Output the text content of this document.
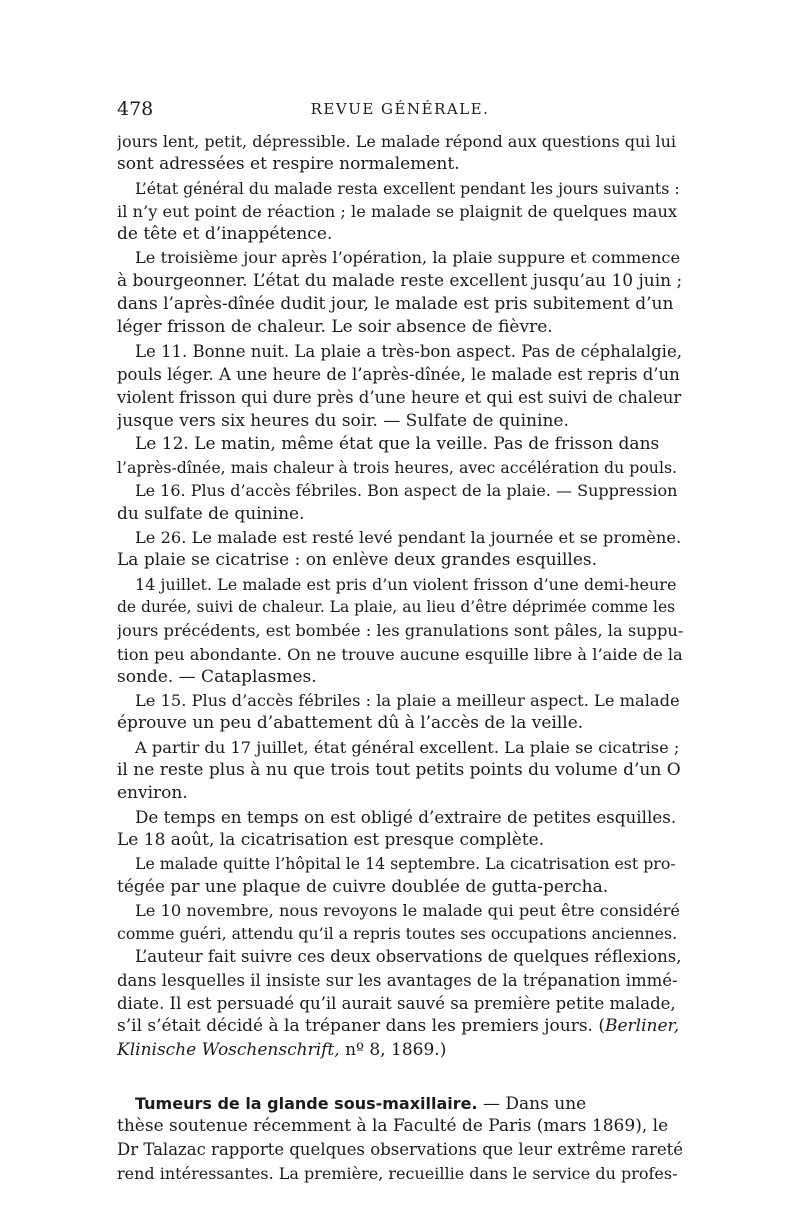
478	REVUE GÉNÉRALE.
jours lent, petit, dépressible. Le malade répond aux questions qui lui
sont adressées et respire normalement.
L’état général du malade resta excellent pendant les jours suivants :
il n’y eut point de réaction ; le malade se plaignit de quelques maux
de tête et d’inappétence.
Le troisième jour après l’opération, la plaie suppure et commence
à bourgeonner. L’état du malade reste excellent jusqu’au 10 juin ;
dans l’après-dînée dudit jour, le malade est pris subitement d’un
léger frisson de chaleur. Le soir absence de fièvre.
Le 11. Bonne nuit. La plaie a très-bon aspect. Pas de céphalalgie,
pouls léger. A une heure de l’après-dînée, le malade est repris d’un
violent frisson qui dure près d’une heure et qui est suivi de chaleur
jusque vers six heures du soir. — Sulfate de quinine.
Le 12. Le matin, même état que la veille. Pas de frisson dans
l’après-dînée, mais chaleur à trois heures, avec accélération du pouls.
Le 16. Plus d’accès fébriles. Bon aspect de la plaie. — Suppression
du sulfate de quinine.
Le 26. Le malade est resté levé pendant la journée et se promène.
La plaie se cicatrise : on enlève deux grandes esquilles.
14 juillet. Le malade est pris d’un violent frisson d’une demi-heure
de durée, suivi de chaleur. La plaie, au lieu d’être déprimée comme les
jours précédents, est bombée : les granulations sont pâles, la suppu-
tion peu abondante. On ne trouve aucune esquille libre à l’aide de la
sonde. — Cataplasmes.
Le 15. Plus d’accès fébriles : la plaie a meilleur aspect. Le malade
éprouve un peu d’abattement dû à l’accès de la veille.
A partir du 17 juillet, état général excellent. La plaie se cicatrise ;
il ne reste plus à nu que trois tout petits points du volume d’un O
environ.
De temps en temps on est obligé d’extraire de petites esquilles.
Le 18 août, la cicatrisation est presque complète.
Le malade quitte l’hôpital le 14 septembre. La cicatrisation est pro-
tégée par une plaque de cuivre doublée de gutta-percha.
Le 10 novembre, nous revoyons le malade qui peut être considéré
comme guéri, attendu qu’il a repris toutes ses occupations anciennes.
L’auteur fait suivre ces deux observations de quelques réflexions,
dans lesquelles il insiste sur les avantages de la trépanation immé-
diate. Il est persuadé qu’il aurait sauvé sa première petite malade,
s’il s’était décidé à la trépaner dans les premiers jours. (Berliner,
Klinische Woschenschrift, nº 8, 1869.)
Tumeurs de la glande sous-maxillaire. — Dans une
thèse soutenue récemment à la Faculté de Paris (mars 1869), le
Dr Talazac rapporte quelques observations que leur extrême rareté
rend intéressantes. La première, recueillie dans le service du profes-
